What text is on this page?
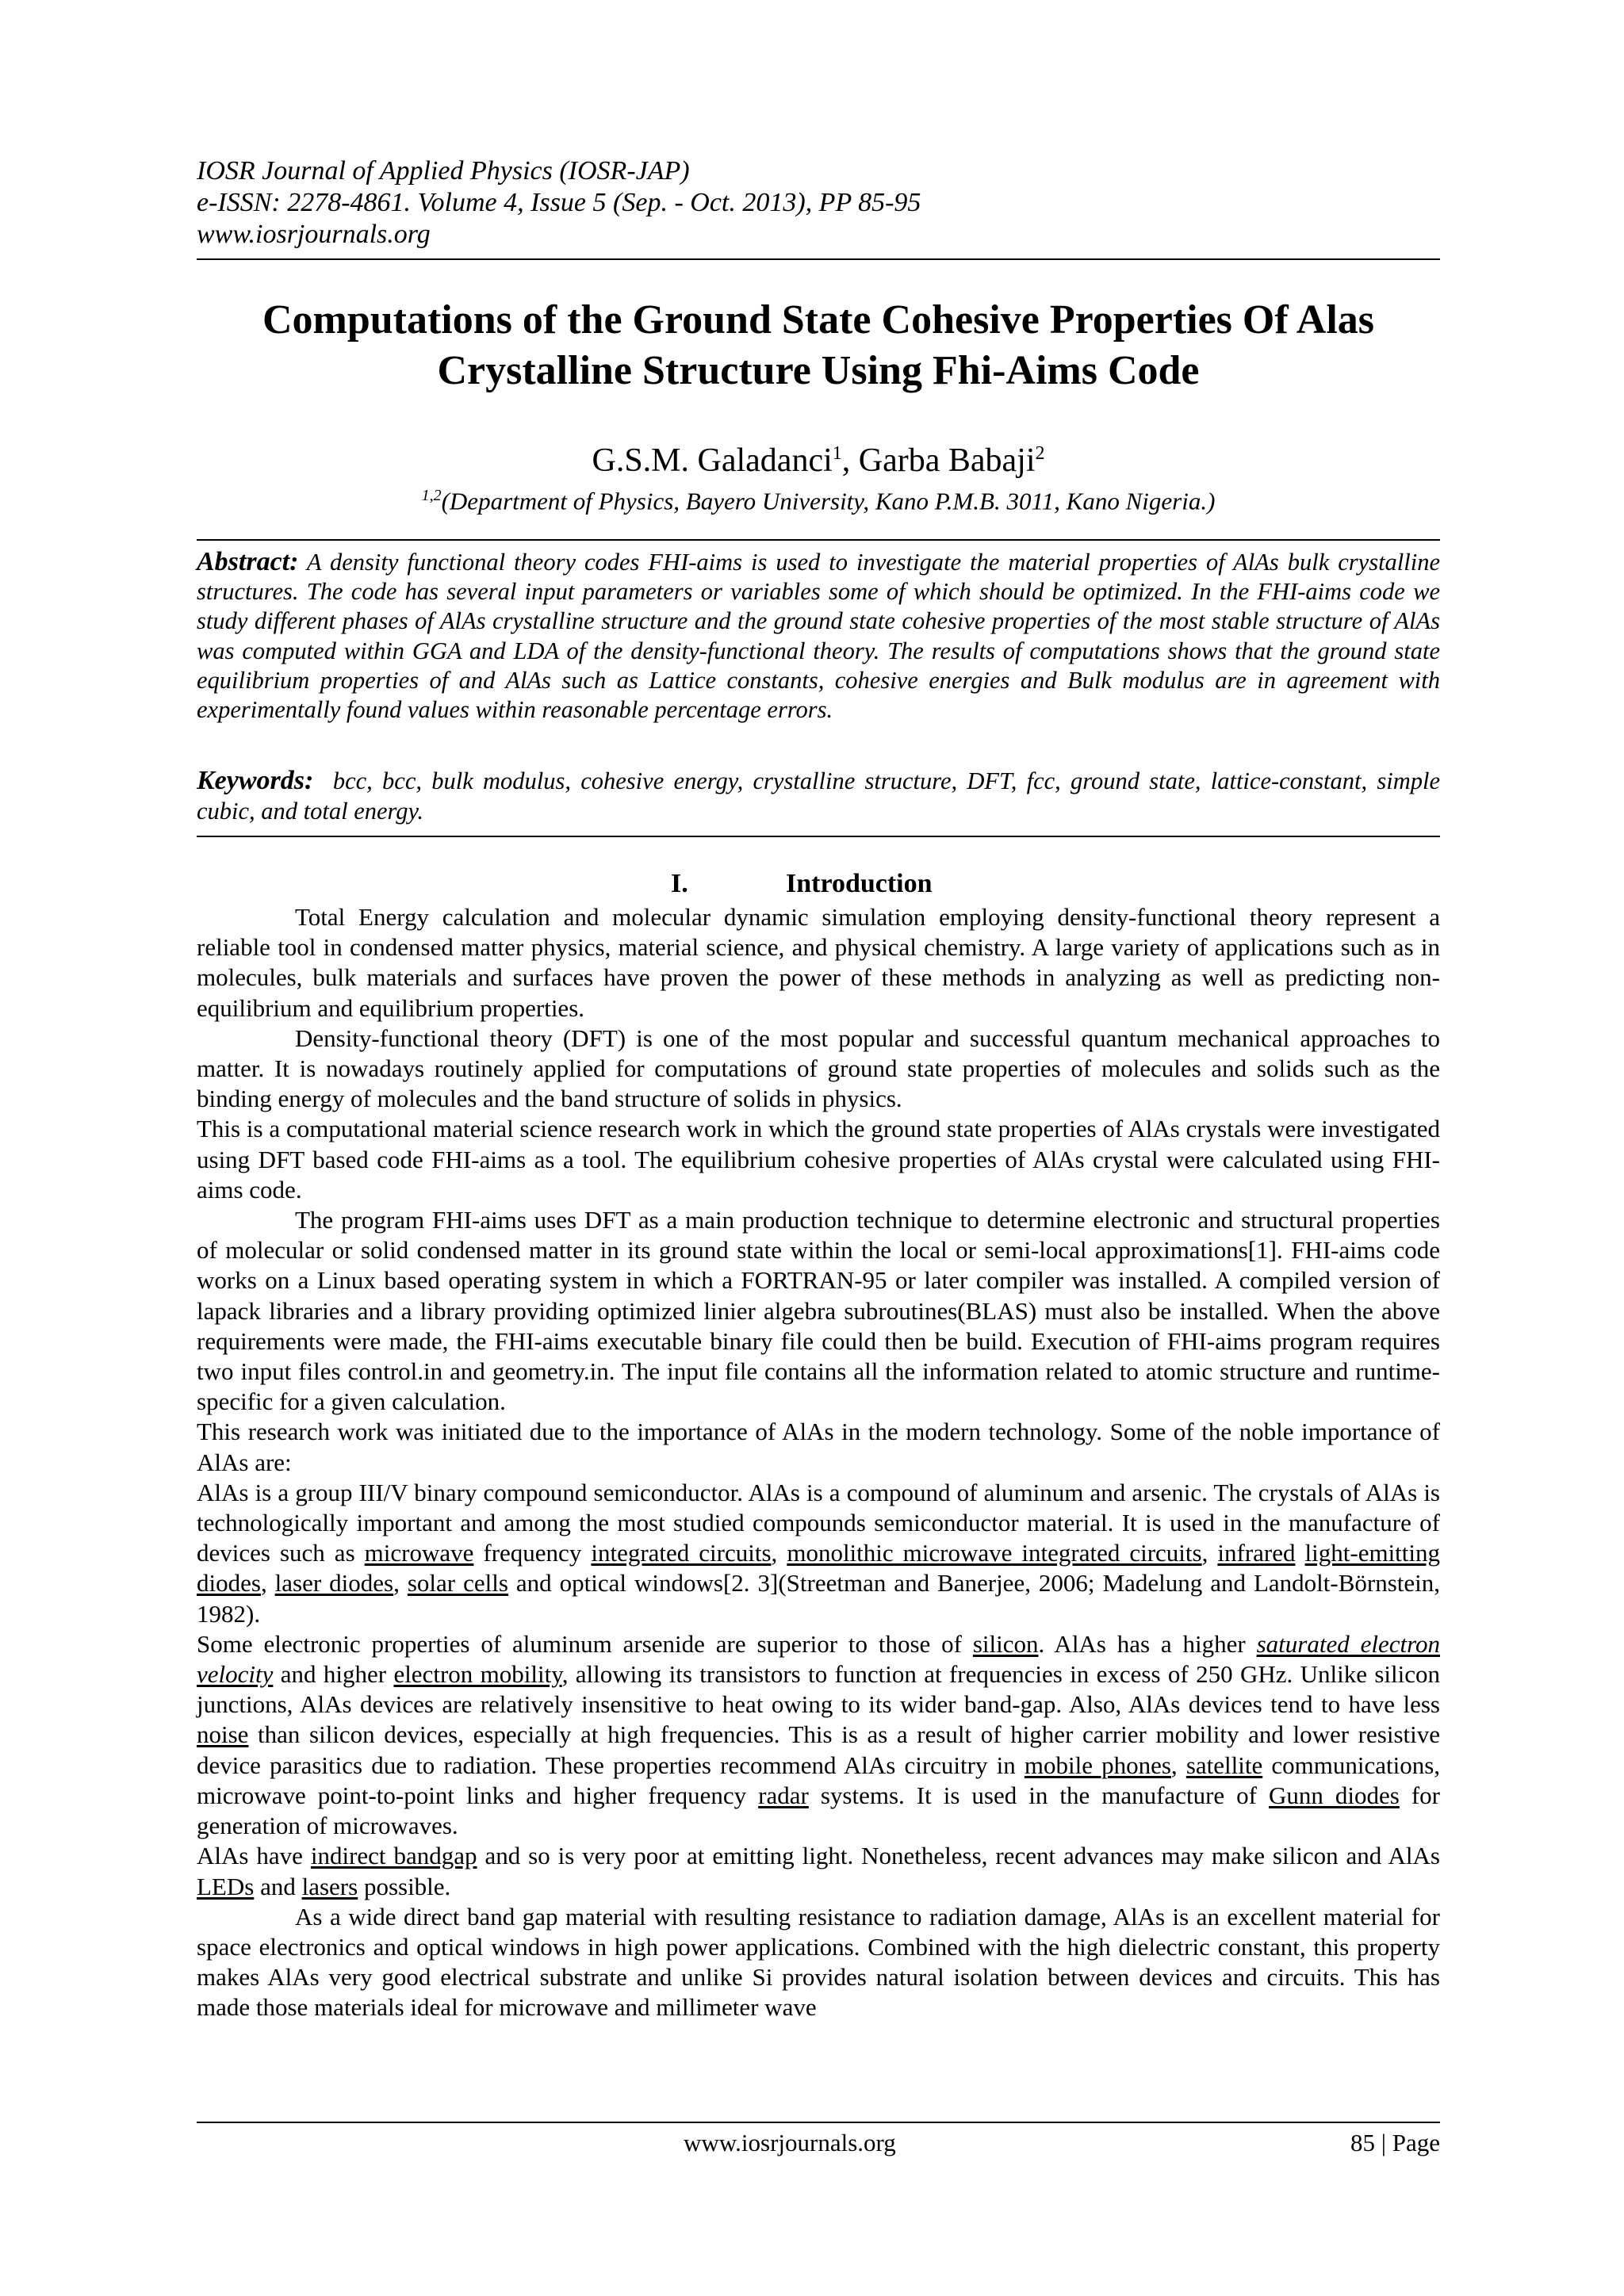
IOSR Journal of Applied Physics (IOSR-JAP)
e-ISSN: 2278-4861. Volume 4, Issue 5 (Sep. - Oct. 2013), PP 85-95
www.iosrjournals.org
Computations of the Ground State Cohesive Properties Of Alas
Crystalline Structure Using Fhi-Aims Code
G.S.M. Galadanci$^1$, Garba Babaji$^2$
$^{1,2}$(Department of Physics, Bayero University, Kano P.M.B. 3011, Kano Nigeria.)
Abstract: A density functional theory codes FHI-aims is used to investigate the material properties of AlAs bulk crystalline structures. The code has several input parameters or variables some of which should be optimized. In the FHI-aims code we study different phases of AlAs crystalline structure and the ground state cohesive properties of the most stable structure of AlAs was computed within GGA and LDA of the density-functional theory. The results of computations shows that the ground state equilibrium properties of and AlAs such as Lattice constants, cohesive energies and Bulk modulus are in agreement with experimentally found values within reasonable percentage errors.
Keywords: bcc, bcc, bulk modulus, cohesive energy, crystalline structure, DFT, fcc, ground state, lattice-constant, simple cubic, and total energy.
I.	Introduction

Total Energy calculation and molecular dynamic simulation employing density-functional theory represent a reliable tool in condensed matter physics, material science, and physical chemistry. A large variety of applications such as in molecules, bulk materials and surfaces have proven the power of these methods in analyzing as well as predicting non-equilibrium and equilibrium properties.

Density-functional theory (DFT) is one of the most popular and successful quantum mechanical approaches to matter. It is nowadays routinely applied for computations of ground state properties of molecules and solids such as the binding energy of molecules and the band structure of solids in physics.

This is a computational material science research work in which the ground state properties of AlAs crystals were investigated using DFT based code FHI-aims as a tool. The equilibrium cohesive properties of AlAs crystal were calculated using FHI-aims code.

The program FHI-aims uses DFT as a main production technique to determine electronic and structural properties of molecular or solid condensed matter in its ground state within the local or semi-local approximations[1]. FHI-aims code works on a Linux based operating system in which a FORTRAN-95 or later compiler was installed. A compiled version of lapack libraries and a library providing optimized linier algebra subroutines(BLAS) must also be installed. When the above requirements were made, the FHI-aims executable binary file could then be build. Execution of FHI-aims program requires two input files control.in and geometry.in. The input file contains all the information related to atomic structure and runtime-specific for a given calculation.

This research work was initiated due to the importance of AlAs in the modern technology. Some of the noble importance of AlAs are:

AlAs is a group III/V binary compound semiconductor. AlAs is a compound of aluminum and arsenic. The crystals of AlAs is technologically important and among the most studied compounds semiconductor material. It is used in the manufacture of devices such as microwave frequency integrated circuits, monolithic microwave integrated circuits, infrared light-emitting diodes, laser diodes, solar cells and optical windows[2. 3](Streetman and Banerjee, 2006; Madelung and Landolt-Börnstein, 1982).

Some electronic properties of aluminum arsenide are superior to those of silicon. AlAs has a higher saturated electron velocity and higher electron mobility, allowing its transistors to function at frequencies in excess of 250 GHz. Unlike silicon junctions, AlAs devices are relatively insensitive to heat owing to its wider band-gap. Also, AlAs devices tend to have less noise than silicon devices, especially at high frequencies. This is as a result of higher carrier mobility and lower resistive device parasitics due to radiation. These properties recommend AlAs circuitry in mobile phones, satellite communications, microwave point-to-point links and higher frequency radar systems. It is used in the manufacture of Gunn diodes for generation of microwaves.

AlAs have indirect bandgap and so is very poor at emitting light. Nonetheless, recent advances may make silicon and AlAs LEDs and lasers possible.

As a wide direct band gap material with resulting resistance to radiation damage, AlAs is an excellent material for space electronics and optical windows in high power applications. Combined with the high dielectric constant, this property makes AlAs very good electrical substrate and unlike Si provides natural isolation between devices and circuits. This has made those materials ideal for microwave and millimeter wave

www.iosrjournals.org	85 | Page
